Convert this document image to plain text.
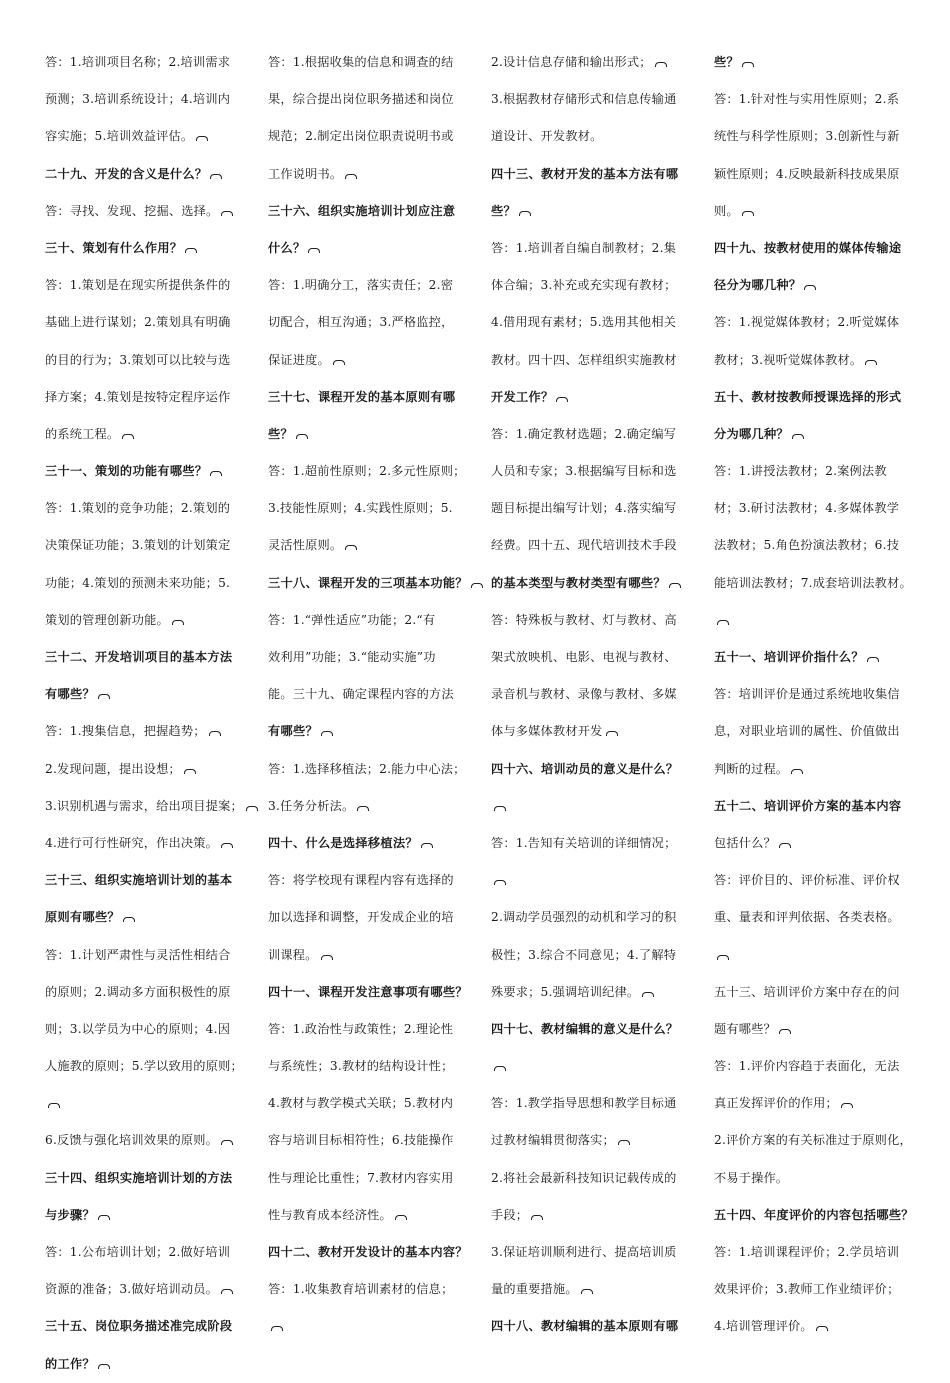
答：1.培训项目名称；2.培训需求
预测；3.培训系统设计；4.培训内
容实施；5.培训效益评估。
二十九、开发的含义是什么？
答：寻找、发现、挖掘、选择。
三十、策划有什么作用？
答：1.策划是在现实所提供条件的
基础上进行谋划；2.策划具有明确
的目的行为；3.策划可以比较与选
择方案；4.策划是按特定程序运作
的系统工程。
三十一、策划的功能有哪些？
答：1.策划的竞争功能；2.策划的
决策保证功能；3.策划的计划策定
功能；4.策划的预测未来功能；5.
策划的管理创新功能。
三十二、开发培训项目的基本方法
有哪些？
答：1.搜集信息，把握趋势；
2.发现问题，提出设想；
3.识别机遇与需求，给出项目提案；
4.进行可行性研究，作出决策。
三十三、组织实施培训计划的基本
原则有哪些？
答：1.计划严肃性与灵活性相结合
的原则；2.调动多方面积极性的原
则；3.以学员为中心的原则；4.因
人施教的原则；5.学以致用的原则；
6.反馈与强化培训效果的原则。
三十四、组织实施培训计划的方法
与步骤？
答：1.公布培训计划；2.做好培训
资源的准备；3.做好培训动员。
三十五、岗位职务描述准完成阶段
的工作？
答：1.根据收集的信息和调查的结
果，综合提出岗位职务描述和岗位
规范；2.制定出岗位职责说明书或
工作说明书。
三十六、组织实施培训计划应注意
什么？
答：1.明确分工，落实责任；2.密
切配合，相互沟通；3.严格监控，
保证进度。
三十七、课程开发的基本原则有哪
些？
答：1.超前性原则；2.多元性原则；
3.技能性原则；4.实践性原则；5.
灵活性原则。
三十八、课程开发的三项基本功能？
答：1.“弹性适应”功能；2.“有
效利用”功能；3.“能动实施”功
能。三十九、确定课程内容的方法
有哪些？
答：1.选择移植法；2.能力中心法；
3.任务分析法。
四十、什么是选择移植法？
答：将学校现有课程内容有选择的
加以选择和调整，开发成企业的培
训课程。
四十一、课程开发注意事项有哪些？
答：1.政治性与政策性；2.理论性
与系统性；3.教材的结构设计性；
4.教材与教学模式关联；5.教材内
容与培训目标相符性；6.技能操作
性与理论比重性；7.教材内容实用
性与教育成本经济性。
四十二、教材开发设计的基本内容？
答：1.收集教育培训素材的信息；
2.设计信息存储和输出形式；
3.根据教材存储形式和信息传输通
道设计、开发教材。
四十三、教材开发的基本方法有哪
些？
答：1.培训者自编自制教材；2.集
体合编；3.补充或充实现有教材；
4.借用现有素材；5.选用其他相关
教材。四十四、怎样组织实施教材
开发工作？
答：1.确定教材选题；2.确定编写
人员和专家；3.根据编写目标和选
题目标提出编写计划；4.落实编写
经费。四十五、现代培训技术手段
的基本类型与教材类型有哪些？
答：特殊板与教材、灯与教材、高
架式放映机、电影、电视与教材、
录音机与教材、录像与教材、多媒
体与多媒体教材开发
四十六、培训动员的意义是什么？
答：1.告知有关培训的详细情况；
2.调动学员强烈的动机和学习的积
极性；3.综合不同意见；4.了解特
殊要求；5.强调培训纪律。
四十七、教材编辑的意义是什么？
答：1.教学指导思想和教学目标通
过教材编辑贯彻落实；
2.将社会最新科技知识记载传成的
手段；
3.保证培训顺利进行、提高培训质
量的重要措施。
四十八、教材编辑的基本原则有哪
些？
答：1.针对性与实用性原则；2.系
统性与科学性原则；3.创新性与新
颖性原则；4.反映最新科技成果原
则。
四十九、按教材使用的媒体传输途
径分为哪几种？
答：1.视觉媒体教材；2.听觉媒体
教材；3.视听觉媒体教材。
五十、教材按教师授课选择的形式
分为哪几种？
答：1.讲授法教材；2.案例法教
材；3.研讨法教材；4.多媒体教学
法教材；5.角色扮演法教材；6.技
能培训法教材；7.成套培训法教材。
五十一、培训评价指什么？
答：培训评价是通过系统地收集信
息，对职业培训的属性、价值做出
判断的过程。
五十二、培训评价方案的基本内容
包括什么？
答：评价目的、评价标准、评价权
重、量表和评判依据、各类表格。
五十三、培训评价方案中存在的问
题有哪些？
答：1.评价内容趋于表面化，无法
真正发挥评价的作用；
2.评价方案的有关标准过于原则化，
不易于操作。
五十四、年度评价的内容包括哪些？
答：1.培训课程评价；2.学员培训
效果评价；3.教师工作业绩评价；
4.培训管理评价。
